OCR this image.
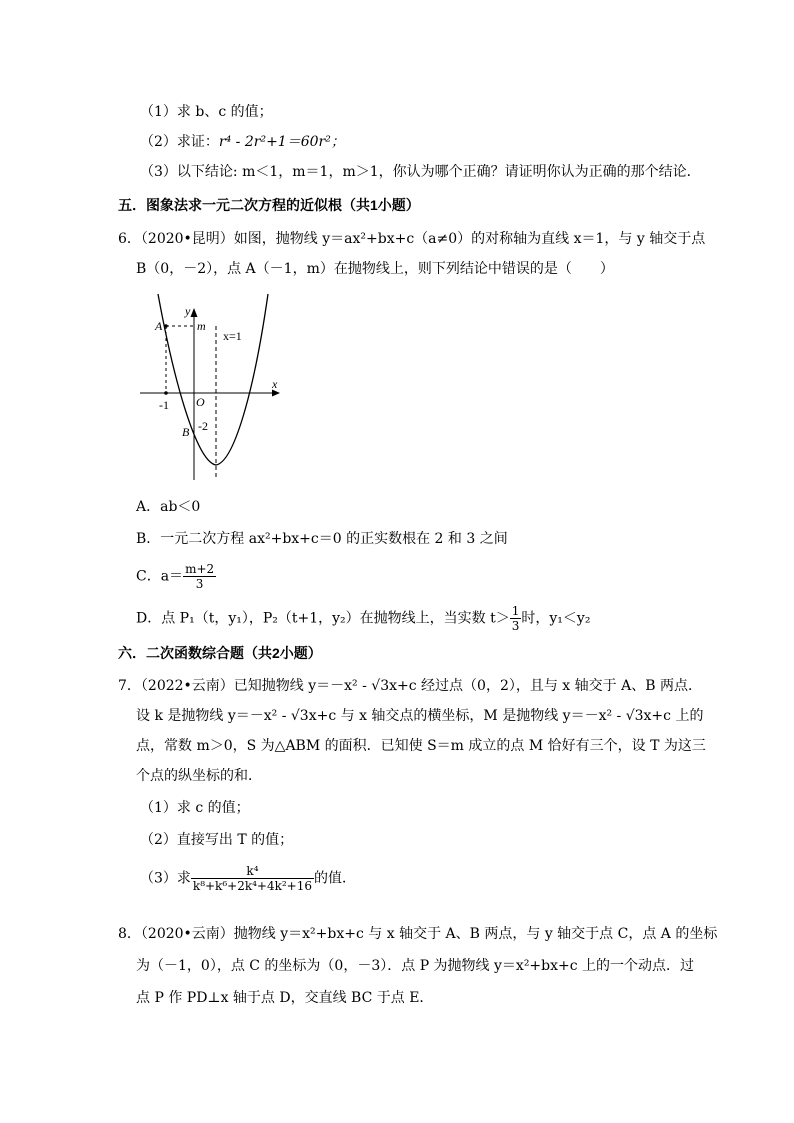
（1）求 b、c 的值；
（2）求证：r⁴ - 2r²+1＝60r²；
（3）以下结论: m＜1，m＝1，m＞1，你认为哪个正确？请证明你认为正确的那个结论．
五．图象法求一元二次方程的近似根（共1小题）
6．（2020•昆明）如图，抛物线 y＝ax²+bx+c（a≠0）的对称轴为直线 x＝1，与 y 轴交于点
B（0，－2），点 A（－1，m）在抛物线上，则下列结论中错误的是（　　）
y
x
O
A	m
B -2
-1
x=1
A．ab＜0
B．一元二次方程 ax²+bx+c＝0 的正实数根在 2 和 3 之间
C．$a= \frac{m+2}{3}$
D．点 P₁（t，y₁），P₂（t+1，y₂）在抛物线上，当实数 $t> \frac{1}{3}$ 时，y₁＜y₂
六．二次函数综合题（共2小题）
7．（2022•云南）已知抛物线 y＝－x² - √3x+c 经过点（0，2），且与 x 轴交于 A、B 两点．
设 k 是抛物线 y＝－x² - √3x+c 与 x 轴交点的横坐标，M 是抛物线 y＝－x² - √3x+c 上的
点，常数 m＞0，S 为△ABM 的面积．已知使 S＝m 成立的点 M 恰好有三个，设 T 为这三
个点的纵坐标的和．
（1）求 c 的值；
（2）直接写出 T 的值；
（3）求 $\frac{\text{k⁴}}{\text{k⁸+k⁶+2k⁴+4k²+16}}$ 的值．
8．（2020•云南）抛物线 y＝x²+bx+c 与 x 轴交于 A、B 两点，与 y 轴交于点 C，点 A 的坐标
为（－1，0），点 C 的坐标为（0，－3）．点 P 为抛物线 y＝x²+bx+c 上的一个动点．过
点 P 作 PD⊥x 轴于点 D，交直线 BC 于点 E．
